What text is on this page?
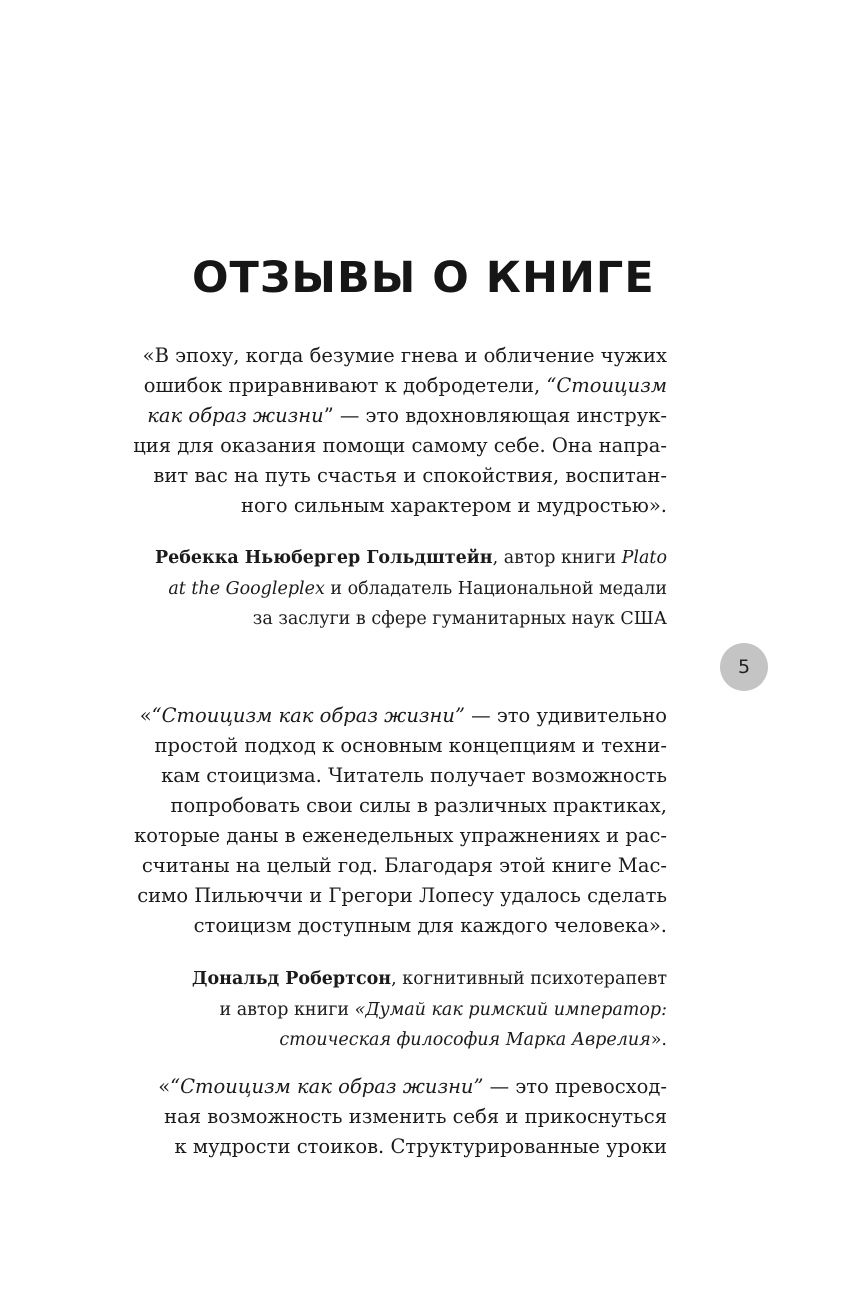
ОТЗЫВЫ О КНИГЕ
«В эпоху, когда безумие гнева и обличение чужих
ошибок приравнивают к добродетели, “Стоицизм
как образ жизни” — это вдохновляющая инструк-
ция для оказания помощи самому себе. Она напра-
вит вас на путь счастья и спокойствия, воспитан-
ного сильным характером и мудростью».
Ребекка Ньюбергер Гольдштейн, автор книги Plato
at the Googleplex и обладатель Национальной медали
за заслуги в сфере гуманитарных наук США
5
«“Стоицизм как образ жизни” — это удивительно
простой подход к основным концепциям и техни-
кам стоицизма. Читатель получает возможность
попробовать свои силы в различных практиках,
которые даны в еженедельных упражнениях и рас-
считаны на целый год. Благодаря этой книге Мас-
симо Пильюччи и Грегори Лопесу удалось сделать
стоицизм доступным для каждого человека».
Дональд Робертсон, когнитивный психотерапевт
и автор книги «Думай как римский император:
стоическая философия Марка Аврелия».
«“Стоицизм как образ жизни” — это превосход-
ная возможность изменить себя и прикоснуться
к мудрости стоиков. Структурированные уроки
